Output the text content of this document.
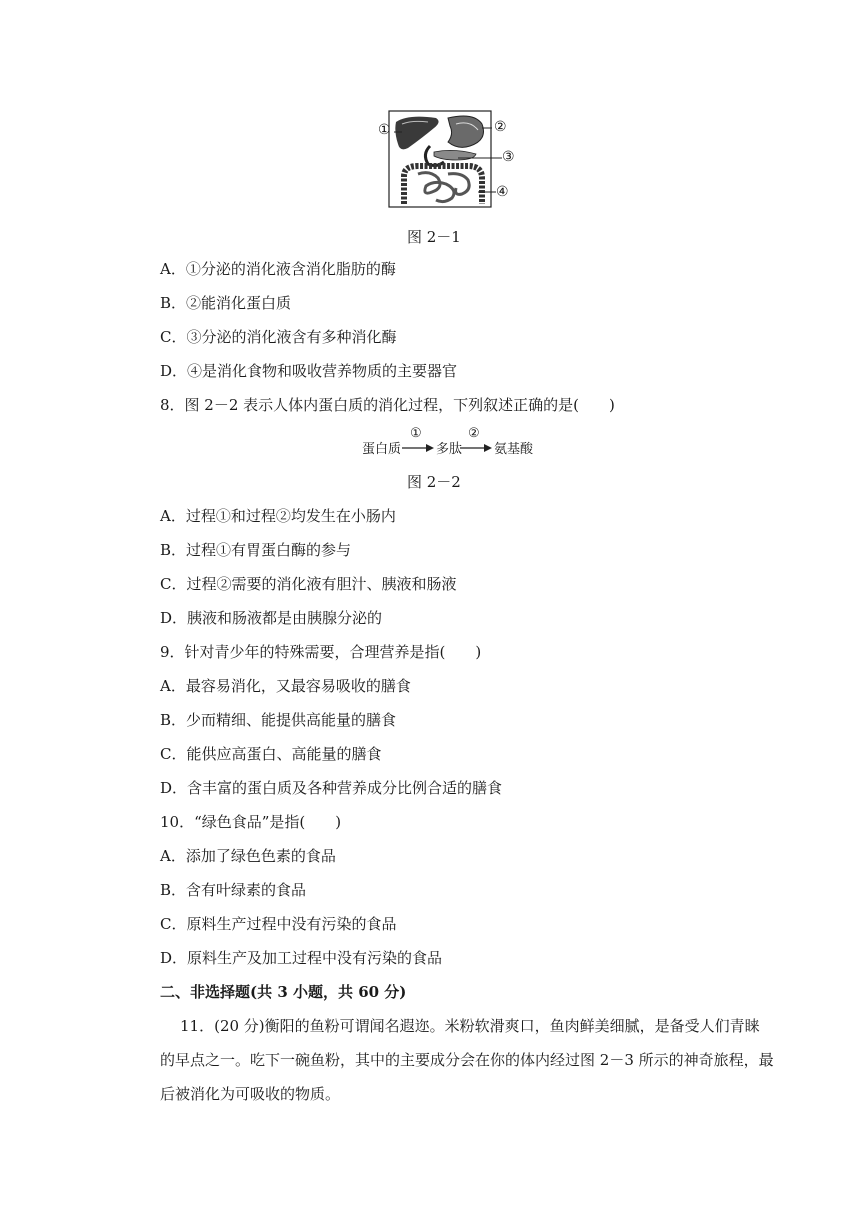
①	②
③
④
图 2－1
A．①分泌的消化液含消化脂肪的酶
B．②能消化蛋白质
C．③分泌的消化液含有多种消化酶
D．④是消化食物和吸收营养物质的主要器官
8．图 2－2 表示人体内蛋白质的消化过程，下列叙述正确的是(　　)
蛋白质
①
多肽
②
氨基酸
图 2－2
A．过程①和过程②均发生在小肠内
B．过程①有胃蛋白酶的参与
C．过程②需要的消化液有胆汁、胰液和肠液
D．胰液和肠液都是由胰腺分泌的
9．针对青少年的特殊需要，合理营养是指(　　)
A．最容易消化，又最容易吸收的膳食
B．少而精细、能提供高能量的膳食
C．能供应高蛋白、高能量的膳食
D．含丰富的蛋白质及各种营养成分比例合适的膳食
10．“绿色食品”是指(　　)
A．添加了绿色色素的食品
B．含有叶绿素的食品
C．原料生产过程中没有污染的食品
D．原料生产及加工过程中没有污染的食品
二、非选择题(共 3 小题，共 60 分)
11．(20 分)衡阳的鱼粉可谓闻名遐迩。米粉软滑爽口，鱼肉鲜美细腻，是备受人们青睐
的早点之一。吃下一碗鱼粉，其中的主要成分会在你的体内经过图 2－3 所示的神奇旅程，最
后被消化为可吸收的物质。
